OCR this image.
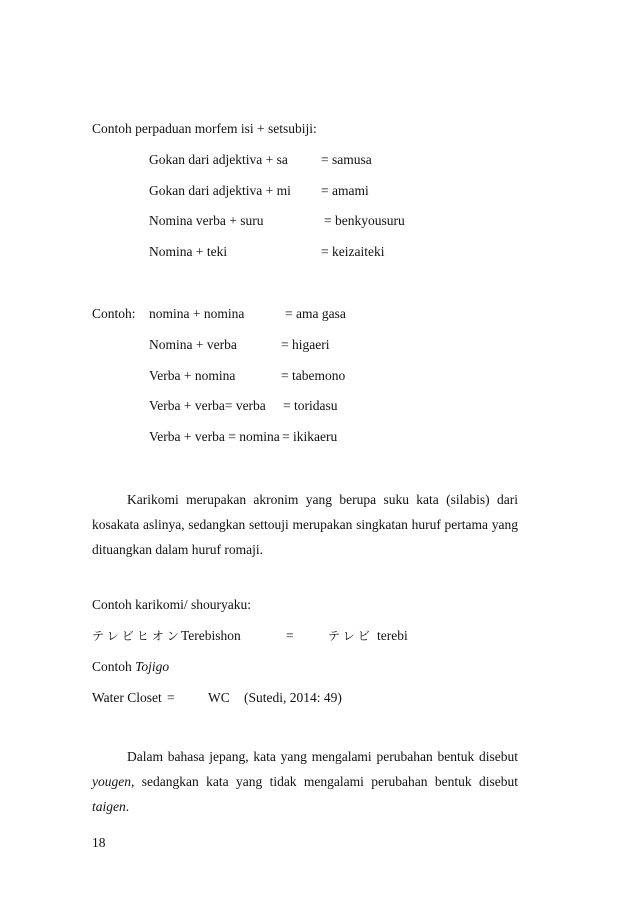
Contoh perpaduan morfem isi + setsubiji:
Gokan dari adjektiva + sa = samusa
Gokan dari adjektiva + mi = amami
Nomina verba + suru	= benkyousuru
Nomina + teki	= keizaiteki
Contoh: nomina + nomina	= ama gasa
Nomina + verba	= higaeri
Verba + nomina	= tabemono
Verba + verba= verba = toridasu
Verba + verba = nomina = ikikaeru
Karikomi merupakan akronim yang berupa suku kata (silabis) dari
kosakata aslinya, sedangkan settouji merupakan singkatan huruf pertama yang
dituangkan dalam huruf romaji.
Contoh karikomi/ shouryaku:
テレビヒオン Terebishon	=	テレビ terebi
Contoh Tojigo
Water Closet = WC (Sutedi, 2014: 49)
Dalam bahasa jepang, kata yang mengalami perubahan bentuk disebut
yougen, sedangkan kata yang tidak mengalami perubahan bentuk disebut taigen.
18
